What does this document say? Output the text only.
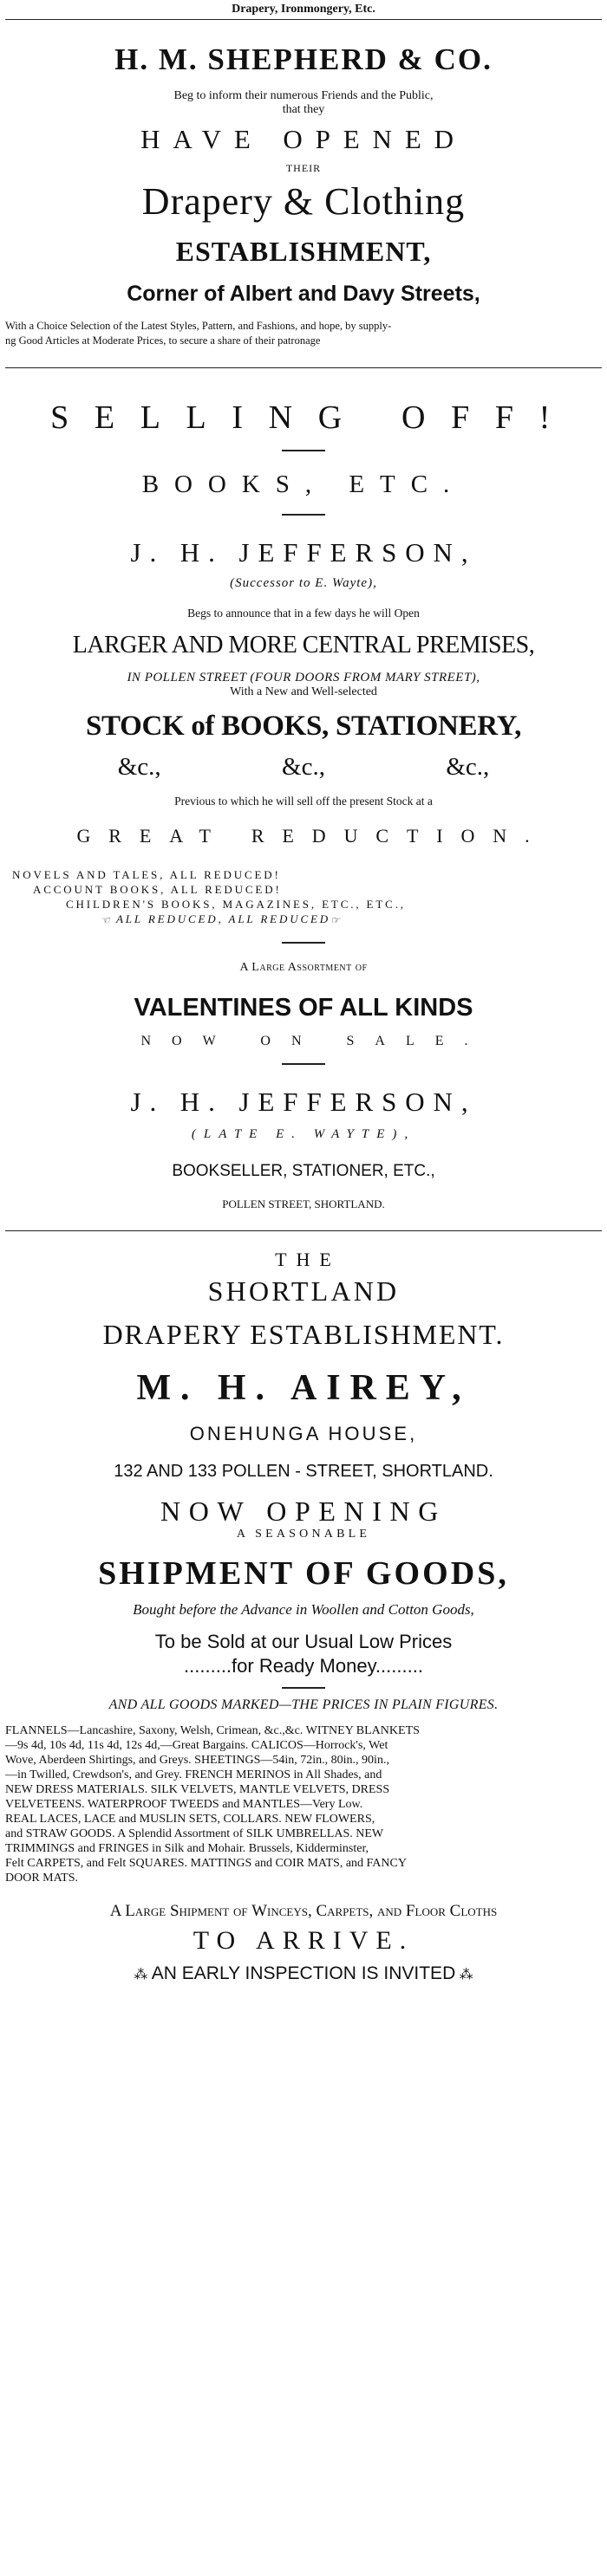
Drapery, Ironmongery, Etc.
H. M. SHEPHERD & CO.
Beg to inform their numerous Friends and the Public,
that they
HAVE OPENED
THEIR
Drapery & Clothing
ESTABLISHMENT,
Corner of Albert and Davy Streets,
With a Choice Selection of the Latest Styles, Pattern, and Fashions, and hope, by supply-
ng Good Articles at Moderate Prices, to secure a share of their patronage
SELLING OFF!
BOOKS, ETC.
J. H. JEFFERSON,
(Successor to E. Wayte),
Begs to announce that in a few days he will Open
LARGER AND MORE CENTRAL PREMISES,
IN POLLEN STREET (FOUR DOORS FROM MARY STREET),
With a New and Well-selected
STOCK of BOOKS, STATIONERY,
&c.,	&c.,	&c.,
Previous to which he will sell off the present Stock at a
GREAT REDUCTION.
NOVELS AND TALES, ALL REDUCED!
ACCOUNT BOOKS, ALL REDUCED!
CHILDREN'S BOOKS, MAGAZINES, ETC., ETC.,
☜ ALL REDUCED, ALL REDUCED☞
A Large Assortment of
VALENTINES OF ALL KINDS
NOW ON SALE.
J. H. JEFFERSON,
(LATE E. WAYTE),
BOOKSELLER, STATIONER, ETC.,
POLLEN STREET, SHORTLAND.
THE
SHORTLAND
DRAPERY ESTABLISHMENT.
M. H. AIREY,
ONEHUNGA HOUSE,
132 AND 133 POLLEN - STREET, SHORTLAND.
NOW OPENING
A SEASONABLE
SHIPMENT OF GOODS,
Bought before the Advance in Woollen and Cotton Goods,
To be Sold at our Usual Low Prices
.........for Ready Money.........
AND ALL GOODS MARKED—THE PRICES IN PLAIN FIGURES.
FLANNELS—Lancashire, Saxony, Welsh, Crimean, &c.,&c. WITNEY BLANKETS
—9s 4d, 10s 4d, 11s 4d, 12s 4d,—Great Bargains. CALICOS—Horrock's, Wet
Wove, Aberdeen Shirtings, and Greys. SHEETINGS—54in, 72in., 80in., 90in.,
—in Twilled, Crewdson's, and Grey. FRENCH MERINOS in All Shades, and
NEW DRESS MATERIALS. SILK VELVETS, MANTLE VELVETS, DRESS
VELVETEENS. WATERPROOF TWEEDS and MANTLES—Very Low.
REAL LACES, LACE and MUSLIN SETS, COLLARS. NEW FLOWERS,
and STRAW GOODS. A Splendid Assortment of SILK UMBRELLAS. NEW
TRIMMINGS and FRINGES in Silk and Mohair. Brussels, Kidderminster,
Felt CARPETS, and Felt SQUARES. MATTINGS and COIR MATS, and FANCY
DOOR MATS.
A Large Shipment of Winceys, Carpets, and Floor Cloths
TO ARRIVE.
⁂ AN EARLY INSPECTION IS INVITED ⁂
